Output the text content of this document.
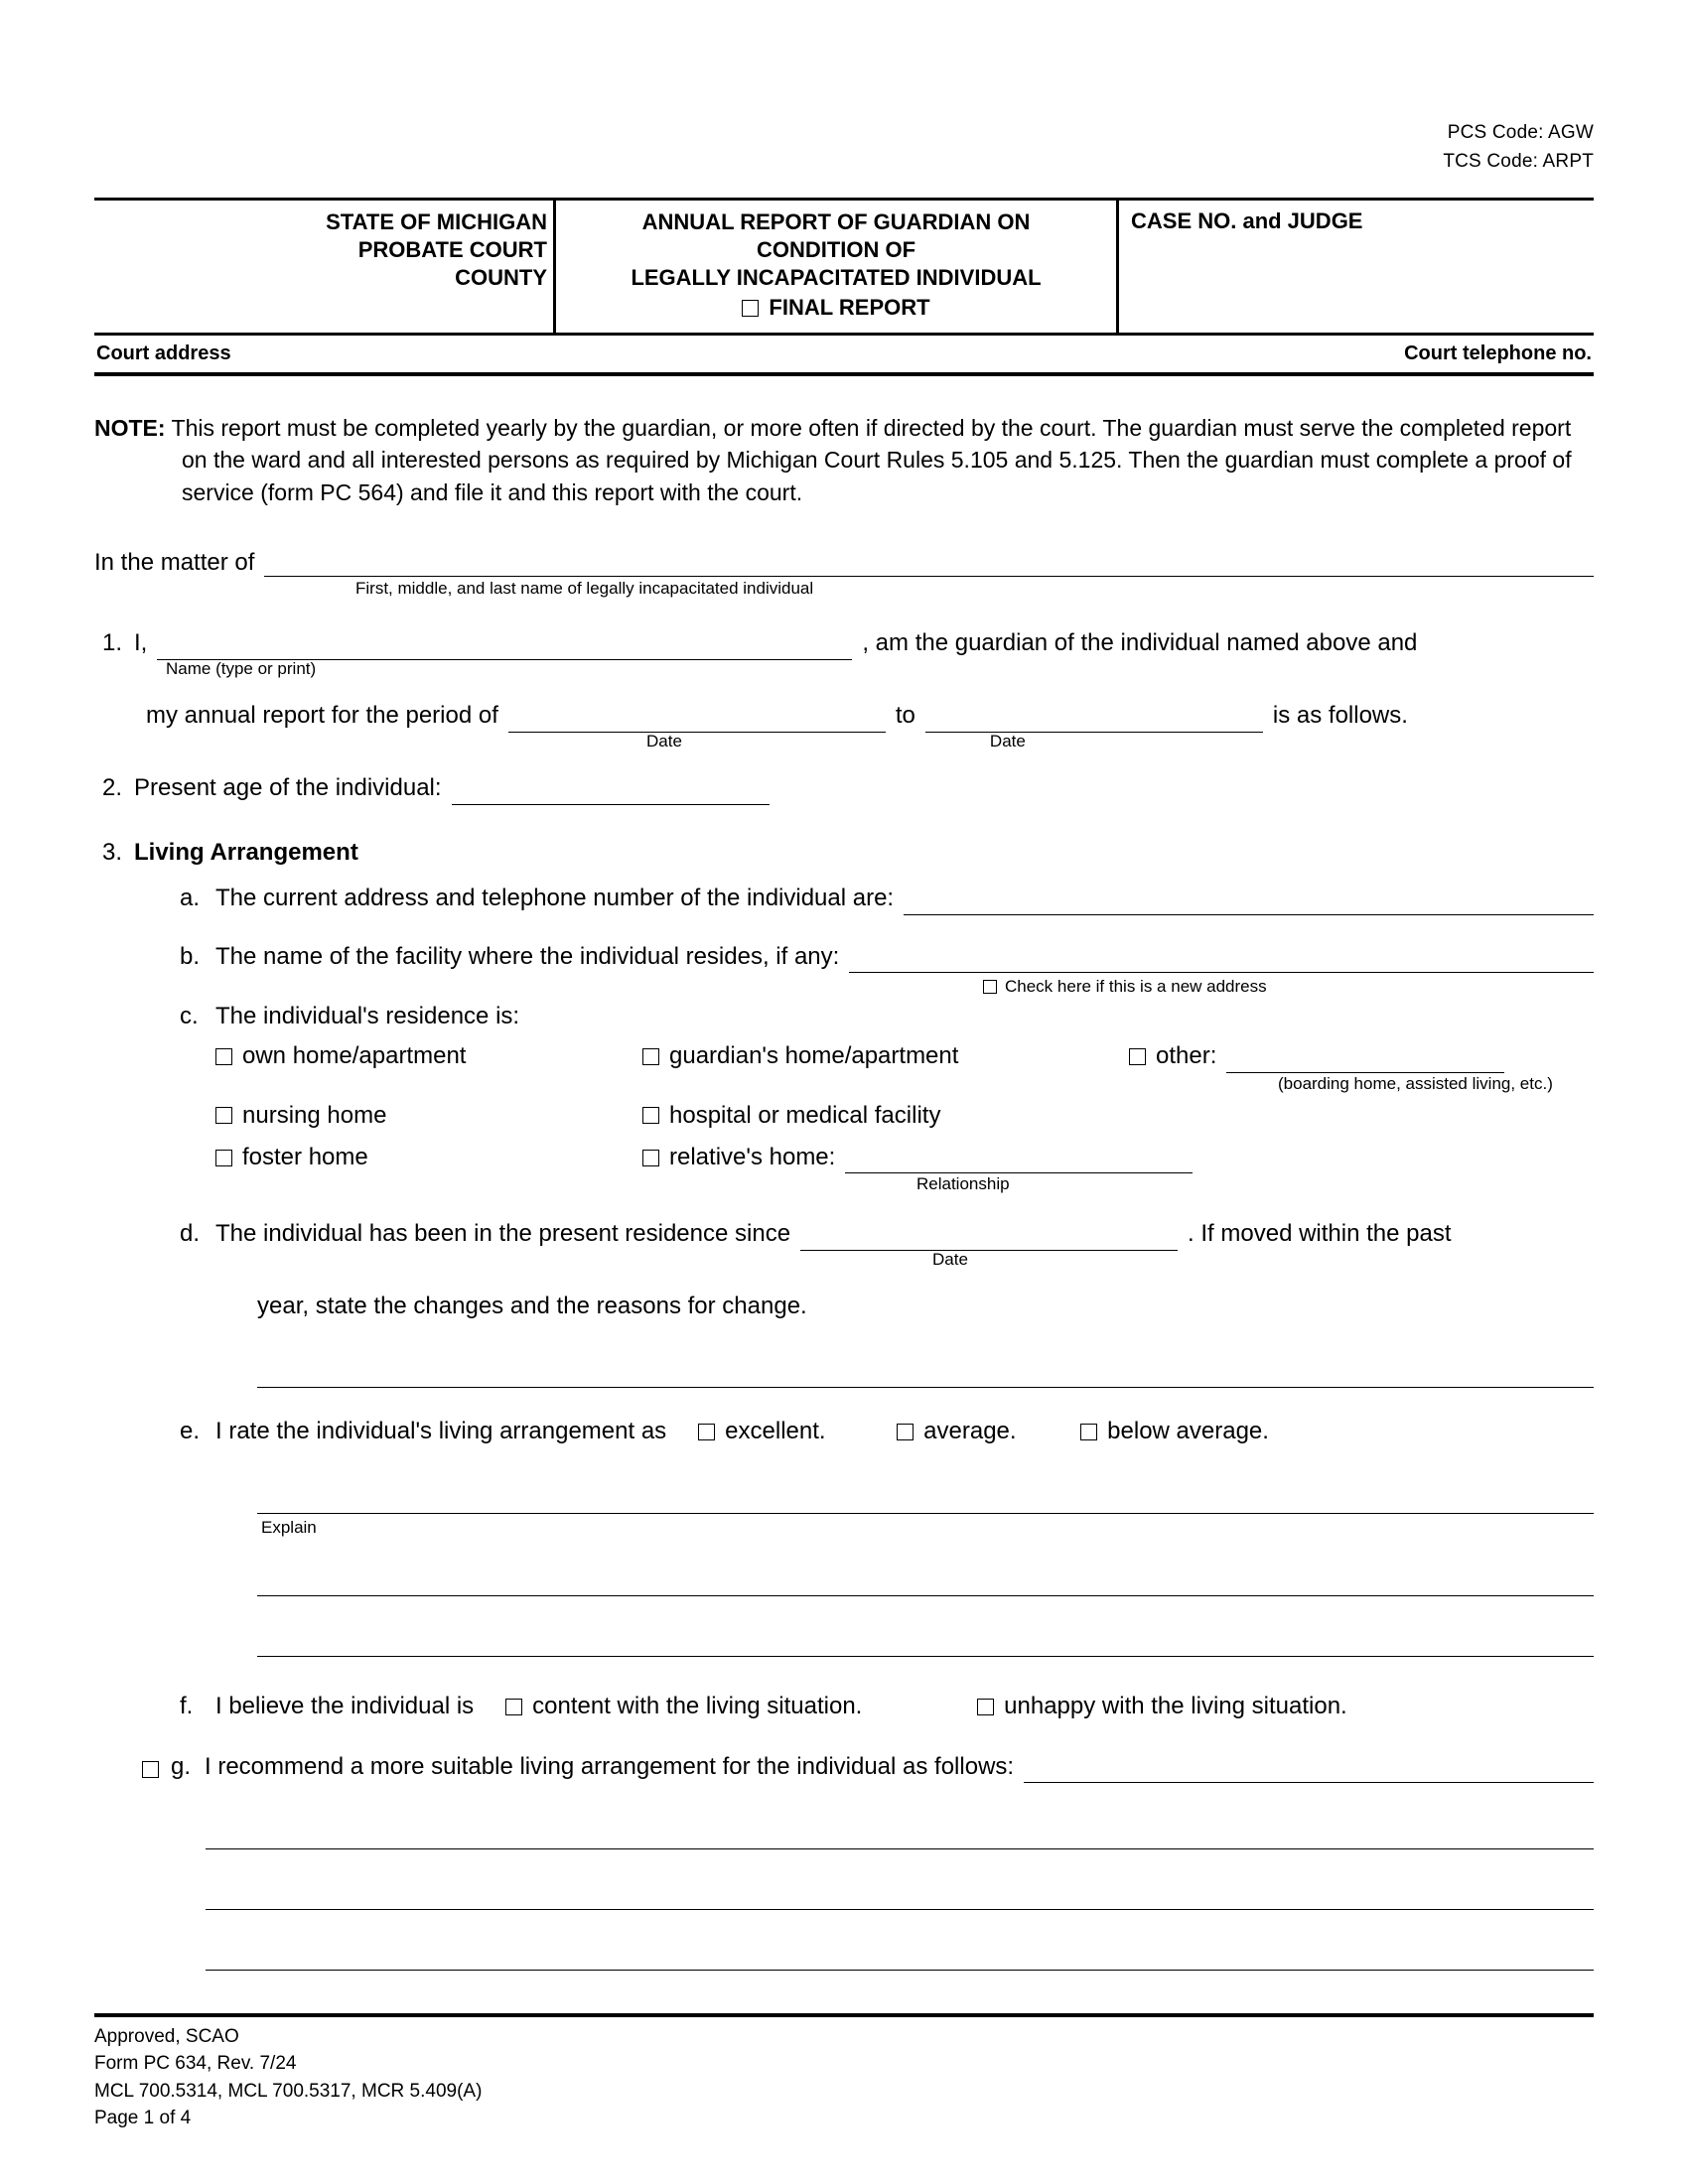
PCS Code: AGW
TCS Code: ARPT
STATE OF MICHIGAN
PROBATE COURT
COUNTY
ANNUAL REPORT OF GUARDIAN ON
CONDITION OF
LEGALLY INCAPACITATED INDIVIDUAL
FINAL REPORT
CASE NO. and JUDGE
Court address	Court telephone no.
NOTE: This report must be completed yearly by the guardian, or more often if directed by the court. The guardian must serve the completed report on the ward and all interested persons as required by Michigan Court Rules 5.105 and 5.125. Then the guardian must complete a proof of service (form PC 564) and file it and this report with the court.
In the matter of
First, middle, and last name of legally incapacitated individual
1. I,	, am the guardian of the individual named above and
Name (type or print)
my annual report for the period of	to	is as follows.
Date	Date
2. Present age of the individual:
3. Living Arrangement
a. The current address and telephone number of the individual are:
b. The name of the facility where the individual resides, if any:
Check here if this is a new address
c. The individual's residence is:
own home/apartment	guardian's home/apartment	other:
(boarding home, assisted living, etc.)
nursing home	hospital or medical facility
foster home	relative's home:
Relationship
d. The individual has been in the present residence since	. If moved within the past
Date
year, state the changes and the reasons for change.
e. I rate the individual's living arrangement as	excellent.	average.	below average.
Explain
f. I believe the individual is	content with the living situation.	unhappy with the living situation.
g. I recommend a more suitable living arrangement for the individual as follows:
Approved, SCAO
Form PC 634, Rev. 7/24
MCL 700.5314, MCL 700.5317, MCR 5.409(A)
Page 1 of 4
